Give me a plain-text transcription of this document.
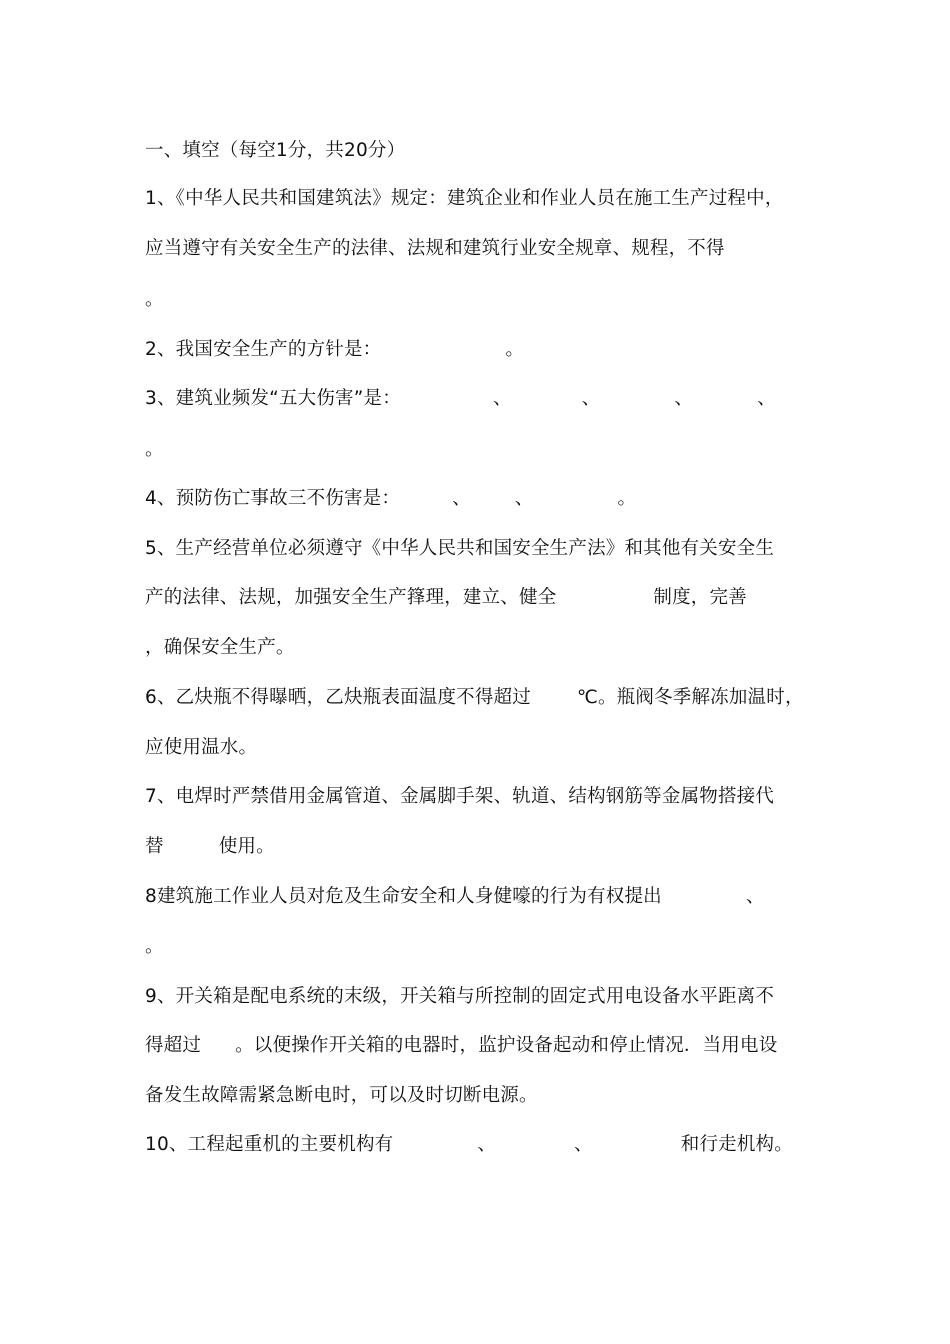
一、填空（每空1分，共20分）
1、《中华人民共和国建筑法》规定：建筑企业和作业人员在施工生产过程中，
应当遵守有关安全生产的法律、法规和建筑行业安全规章、规程，不得
。
2、我国安全生产的方针是：	。
3、建筑业频发“五大伤害”是：	、	、	、	、
。
4、预防伤亡事故三不伤害是：	、 、	。
5、生产经营单位必须遵守《中华人民共和国安全生产法》和其他有关安全生
产的法律、法规，加强安全生产箨理，建立、健全	制度，完善
，确保安全生产。
6、乙炔瓶不得曝晒，乙炔瓶表面温度不得超过 ℃。瓶阀冬季解冻加温时，
应使用温水。
7、电焊时严禁借用金属管道、金属脚手架、轨道、结构钢筋等金属物搭接代
替	使用。
8建筑施工作业人员对危及生命安全和人身健嚎的行为有权提出	、
。
9、开关箱是配电系统的末级，开关箱与所控制的固定式用电设备水平距离不
得超过 。以便操作开关箱的电器时，监护设备起动和停止情况．当用电设
备发生故障需紧急断电时，可以及时切断电源。
10、工程起重机的主要机构有	、	、	和行走机构。
